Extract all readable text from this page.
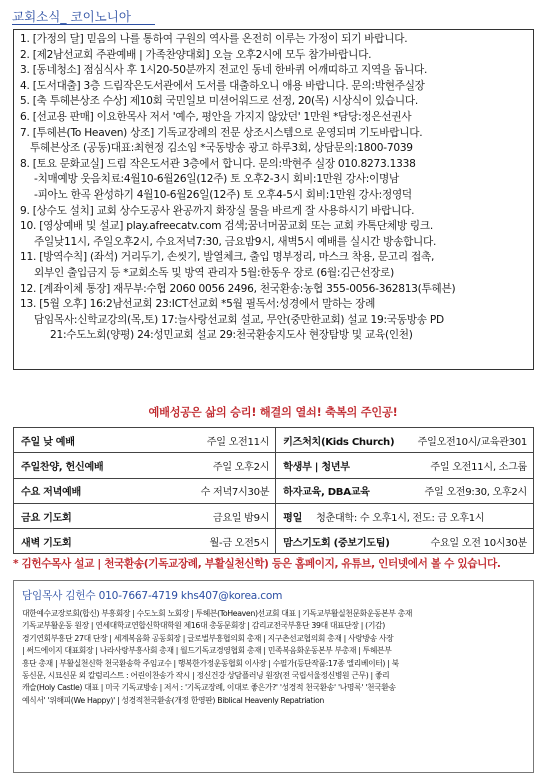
교회소식_ 코이노니아
1. [가정의 달] 믿음의 나를 통하여 구원의 역사를 온전히 이루는 가정이 되기 바랍니다.
2. [제2남선교회 주관예배 | 가족찬양대회] 오늘 오후2시에 모두 참가바랍니다.
3. [동네청소] 점심식사 후 1시20-50분까지 전교인 동네 한바퀴 어깨띠하고 지역을 돕니다.
4. [도서대출] 3층 드림작은도서관에서 도서를 대출하오니 애용 바랍니다. 문의:박현주실장
5. [축 투헤븐상조 수상] 제10회 국민일보 미션어워드로 선정, 20(목) 시상식이 있습니다.
6. [선교용 판매] 이요한목사 저서 '예수, 평안을 가지지 않았던' 1만원 *담당:정은선권사
7. [투헤븐(To Heaven) 상조] 기독교장례의 전문 상조시스템으로 운영되며 기도바랍니다.
투헤븐상조 (공동)대표:최현정 김소임 *국동방송 광고 하루3회, 상담문의:1800-7039
8. [토요 문화교실] 드림 작은도서관 3층에서 합니다. 문의:박현주 실장 010.8273.1338
-치매예방 웃음치료:4월10-6월26일(12주) 토 오후2-3시 회비:1만원 강사:이명남
-피아노 한곡 완성하기 4월10-6월26일(12주) 토 오후4-5시 회비:1만원 강사:정영덕
9. [상수도 설치] 교회 상수도공사 완공까지 화장실 물을 바르게 잘 사용하시기 바랍니다.
10. [영상예배 및 설교] play.afreecatv.com 검색;꿈너머꿈교회 또는 교회 카톡단체방 링크.
주일낮11시, 주일오후2시, 수요저녁7:30, 금요밤9시, 새벽5시 예배를 실시간 방송합니다.
11. [방역수칙] (좌석) 거리두기, 손씻기, 발열체크, 출입 명부정리, 마스크 착용, 문고리 접촉,
외부인 출입금지 등 *교회소독 및 방역 관리자 5월:한동우 장로 (6월:김근선장로)
12. [계좌이체 통장] 재무부:수협 2060 0056 2496, 천국환송:농협 355-0056-362813(투헤븐)
13. [5월 오후] 16:2남선교회 23:ICT선교회 *5월 필독서:성경에서 말하는 장례
담임목사:신학교강의(목,토) 17:늘사랑선교회 설교, 무안(중만한교회) 설교 19:국동방송 PD
21:수도노회(양평) 24:성민교회 설교 29:천국환송지도사 현장탐방 및 교육(인천)
예배성공은 삶의 승리! 해결의 열쇠! 축복의 주인공!
주일 낮 예배 주일 오전11시	키즈처치(Kids Church) 주일오전10시/교육관301

주일찬양, 헌신예배 주일 오후2시	학생부 | 청년부 주일 오전11시, 소그룹

수요 저녁예배 수 저녁7시30분	하자교육, DBA교육 주일 오전9:30, 오후2시

금요 기도회 금요일 밤9시	평일 청춘대학: 수 오후1시, 전도: 금 오후1시

새벽 기도회 월-금 오전5시	맘스기도회 (중보기도팀) 수요일 오전 10시30분
* 김헌수목사 설교 | 천국환송(기독교장례, 부활실천신학) 등은 홈페이지, 유튜브, 인터넷에서 볼 수 있습니다.
담임목사 김헌수 010-7667-4719 khs407@korea.com
대한예수교장로회(합신) 부흥회장 | 수도노회 노회장 | 투헤븐(ToHeaven)선교회 대표 | 기독교부활실천문화운동본부 총재
기독교부활운동 원장 | 연세대학교연합신학대학원 제16대 총동문회장 | 감리교전국부흥단 39대 대표단장 | (기감)
경기연회부흥단 27대 단장 | 세계복음화 공동회장 | 글로벌부흥협의회 총재 | 지구촌선교협의회 총재 | 사랑방송 사장
| 써드에이지 대표회장 | 나라사랑부흥사회 총재 | 월드기독교경영협회 총재 | 민족복음화운동본부 부총재 | 투헤븐부
흥단 총재 | 부활실천신학 천국환송학 주임교수 | 행복한가정운동협회 이사장 | 수필가(등단작품:17종 엘리베이터) | 북
동신문, 시묘신문 외 칼럼리스트 : 어린이찬송가 작시 | 정신건강 상담플러닝 원장(전 국립서울정신병원 근무) | 좋리
캐슬(Holy Castle) 대표 | 미국 기독교방송 | 저서 : '기독교장례, 이대로 좋은가?' '성경적 천국환송' '나명록' '천국환송
예식서' '위해피(We Happy)' | 성경적천국환송(개정 한영판) Biblical Heavenly Repatriation
